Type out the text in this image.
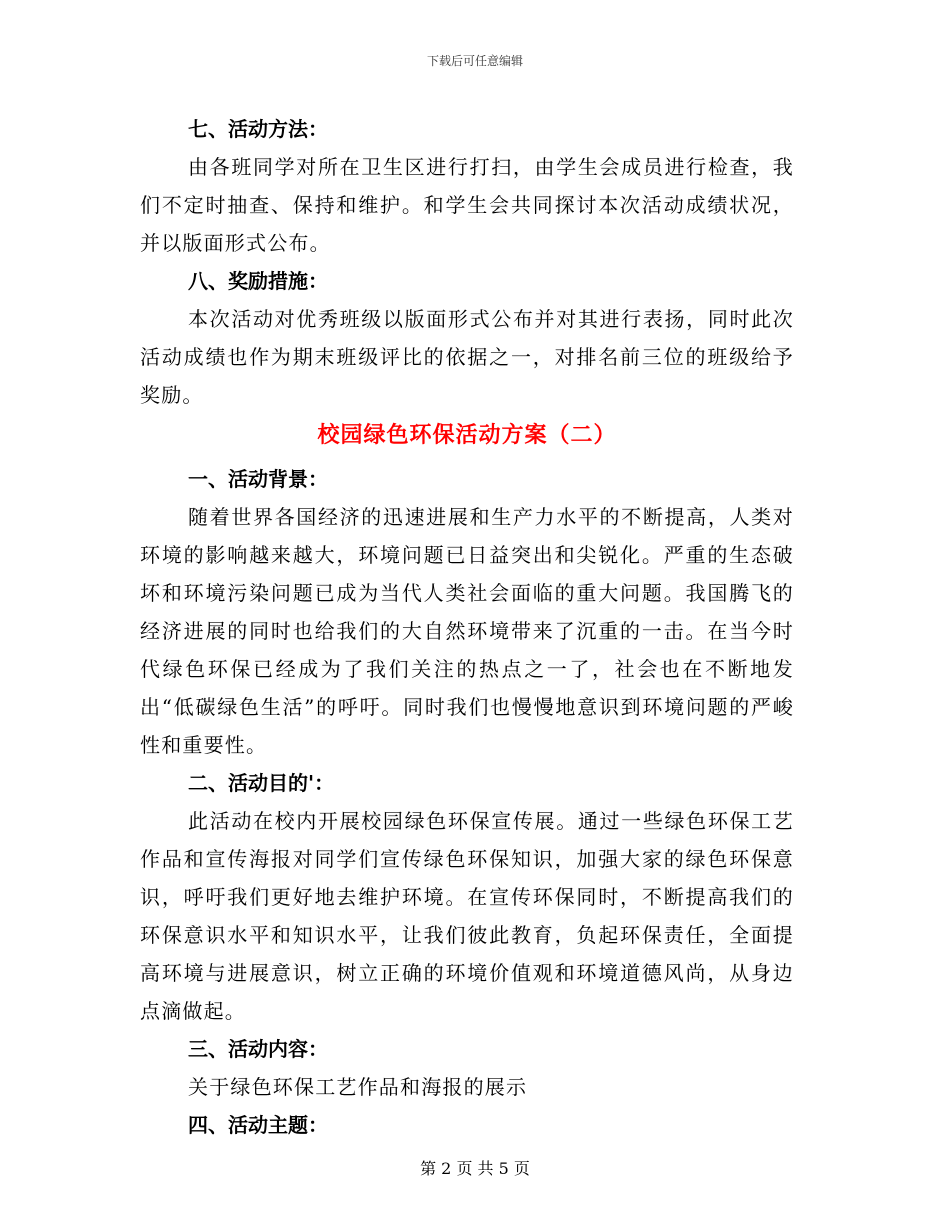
下载后可任意编辑

七、活动方法：

由各班同学对所在卫生区进行打扫，由学生会成员进行检查，我们不定时抽查、保持和维护。和学生会共同探讨本次活动成绩状况，并以版面形式公布。

八、奖励措施：

本次活动对优秀班级以版面形式公布并对其进行表扬，同时此次活动成绩也作为期末班级评比的依据之一，对排名前三位的班级给予奖励。

校园绿色环保活动方案（二）

一、活动背景：

随着世界各国经济的迅速进展和生产力水平的不断提高，人类对环境的影响越来越大，环境问题已日益突出和尖锐化。严重的生态破坏和环境污染问题已成为当代人类社会面临的重大问题。我国腾飞的经济进展的同时也给我们的大自然环境带来了沉重的一击。在当今时代绿色环保已经成为了我们关注的热点之一了，社会也在不断地发出“低碳绿色生活”的呼吁。同时我们也慢慢地意识到环境问题的严峻性和重要性。

二、活动目的'：

此活动在校内开展校园绿色环保宣传展。通过一些绿色环保工艺作品和宣传海报对同学们宣传绿色环保知识，加强大家的绿色环保意识，呼吁我们更好地去维护环境。在宣传环保同时，不断提高我们的环保意识水平和知识水平，让我们彼此教育，负起环保责任，全面提高环境与进展意识，树立正确的环境价值观和环境道德风尚，从身边点滴做起。

三、活动内容：

关于绿色环保工艺作品和海报的展示

四、活动主题：

第 2 页 共 5 页
